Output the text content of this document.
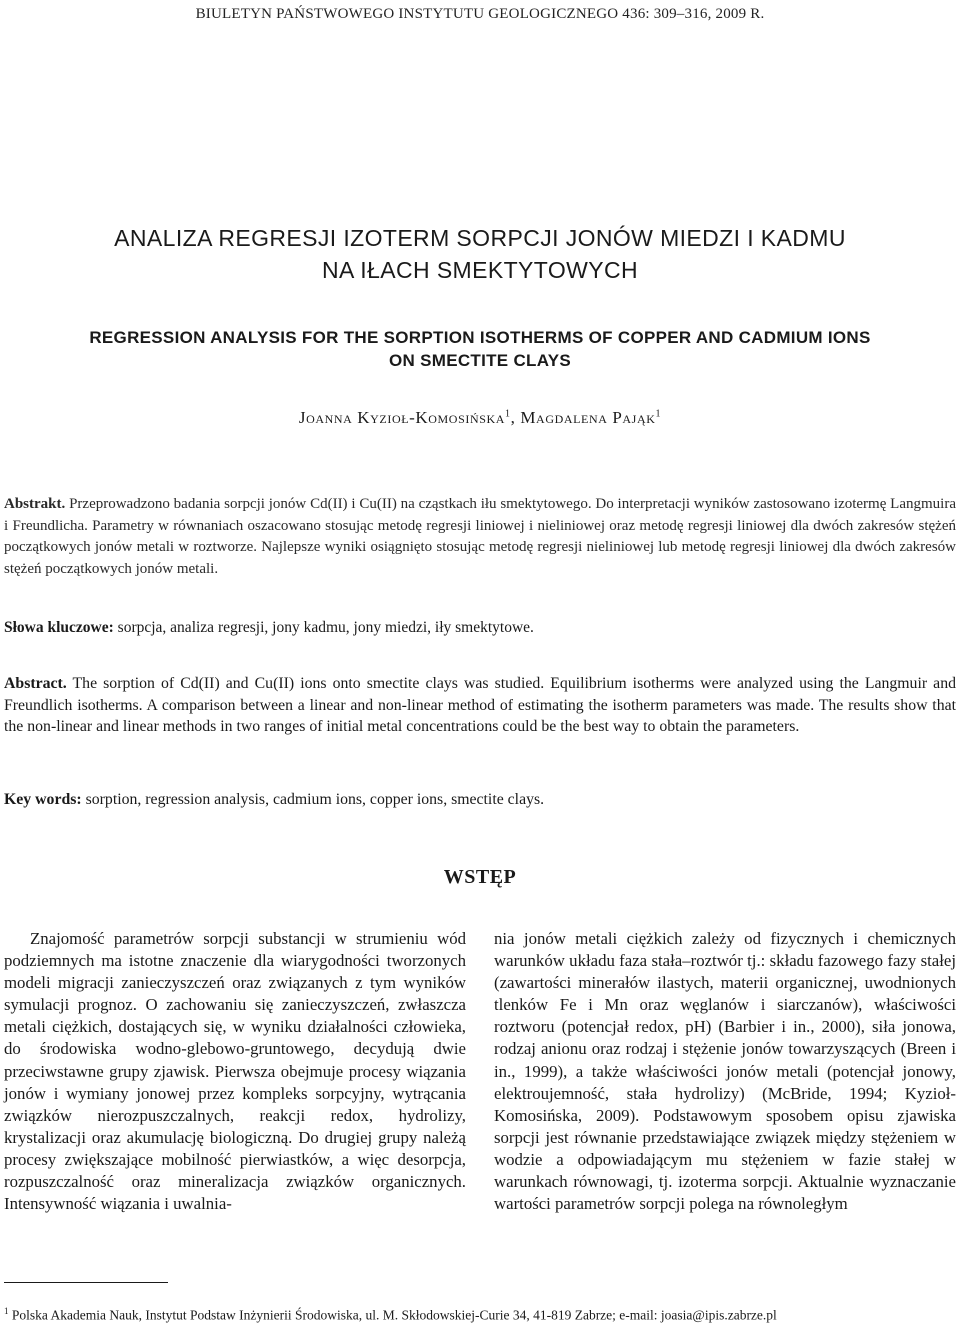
BIULETYN PAŃSTWOWEGO INSTYTUTU GEOLOGICZNEGO 436: 309–316, 2009 R.
ANALIZA REGRESJI IZOTERM SORPCJI JONÓW MIEDZI I KADMU
NA IŁACH SMEKTYTOWYCH
REGRESSION ANALYSIS FOR THE SORPTION ISOTHERMS OF COPPER AND CADMIUM IONS
ON SMECTITE CLAYS
Joanna Kyzioł-Komosińska$^1$, Magdalena Pająk$^1$

Abstrakt. Przeprowadzono badania sorpcji jonów Cd(II) i Cu(II) na cząstkach iłu smektytowego. Do interpretacji wyników zastosowano izotermę Langmuira i Freundlicha. Parametry w równaniach oszacowano stosując metodę regresji liniowej i nieliniowej oraz metodę regresji liniowej dla dwóch zakresów stężeń początkowych jonów metali w roztworze. Najlepsze wyniki osiągnięto stosując metodę regresji nieliniowej lub metodę regresji liniowej dla dwóch zakresów stężeń początkowych jonów metali.

Słowa kluczowe: sorpcja, analiza regresji, jony kadmu, jony miedzi, iły smektytowe.

Abstract. The sorption of Cd(II) and Cu(II) ions onto smectite clays was studied. Equilibrium isotherms were analyzed using the Langmuir and Freundlich isotherms. A comparison between a linear and non-linear method of estimating the isotherm parameters was made. The results show that the non-linear and linear methods in two ranges of initial metal concentrations could be the best way to obtain the parameters.

Key words: sorption, regression analysis, cadmium ions, copper ions, smectite clays.

WSTĘP

Znajomość parametrów sorpcji substancji w strumieniu wód podziemnych ma istotne znaczenie dla wiarygodności tworzonych modeli migracji zanieczyszczeń oraz związanych z tym wyników symulacji prognoz. O zachowaniu się zanieczyszczeń, zwłaszcza metali ciężkich, dostających się, w wyniku działalności człowieka, do środowiska wodno-glebowo-gruntowego, decydują dwie przeciwstawne grupy zjawisk. Pierwsza obejmuje procesy wiązania jonów i wymiany jonowej przez kompleks sorpcyjny, wytrącania związków nierozpuszczalnych, reakcji redox, hydrolizy, krystalizacji oraz akumulację biologiczną. Do drugiej grupy należą procesy zwiększające mobilność pierwiastków, a więc desorpcja, rozpuszczalność oraz mineralizacja związków organicznych. Intensywność wiązania i uwalnia-

nia jonów metali ciężkich zależy od fizycznych i chemicznych warunków układu faza stała–roztwór tj.: składu fazowego fazy stałej (zawartości minerałów ilastych, materii organicznej, uwodnionych tlenków Fe i Mn oraz węglanów i siarczanów), właściwości roztworu (potencjał redox, pH) (Barbier i in., 2000), siła jonowa, rodzaj anionu oraz rodzaj i stężenie jonów towarzyszących (Breen i in., 1999), a także właściwości jonów metali (potencjał jonowy, elektroujemność, stała hydrolizy) (McBride, 1994; Kyzioł-Komosińska, 2009). Podstawowym sposobem opisu zjawiska sorpcji jest równanie przedstawiające związek między stężeniem w wodzie a odpowiadającym mu stężeniem w fazie stałej w warunkach równowagi, tj. izoterma sorpcji. Aktualnie wyznaczanie wartości parametrów sorpcji polega na równoległym

$^1$ Polska Akademia Nauk, Instytut Podstaw Inżynierii Środowiska, ul. M. Skłodowskiej-Curie 34, 41-819 Zabrze; e-mail: joasia@ipis.zabrze.pl
